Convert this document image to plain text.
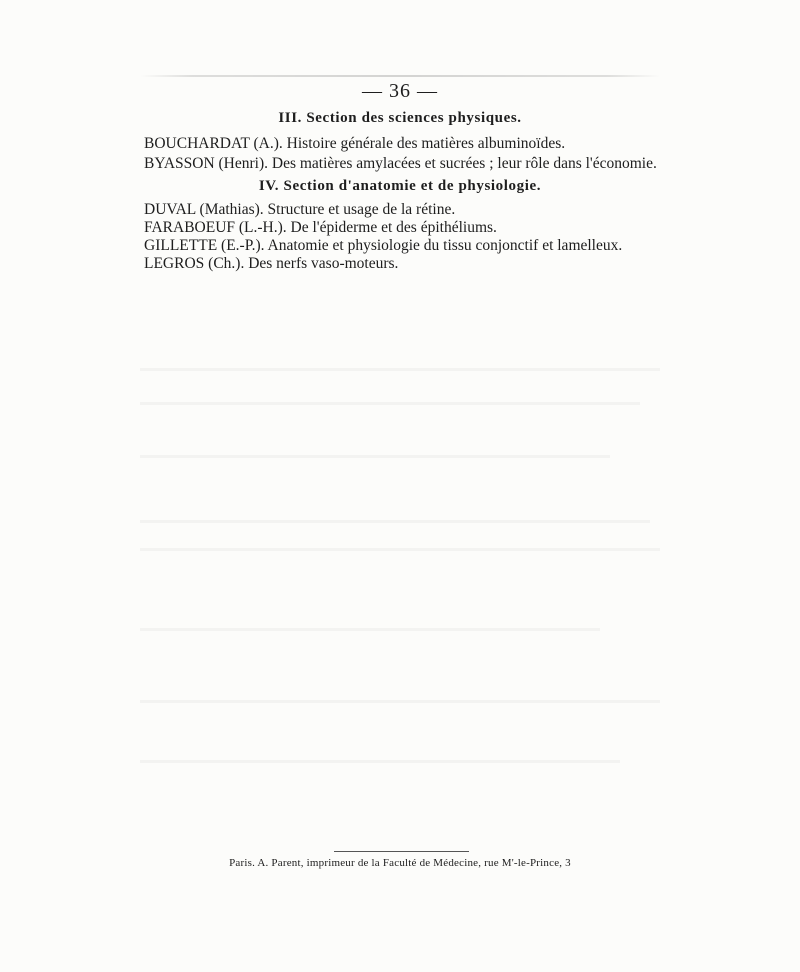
— 36 —
III. Section des sciences physiques.
BOUCHARDAT (A.). Histoire générale des matières albuminoïdes.
BYASSON (Henri). Des matières amylacées et sucrées ; leur rôle dans l'économie.
IV. Section d'anatomie et de physiologie.
DUVAL (Mathias). Structure et usage de la rétine.
FARABOEUF (L.-H.). De l'épiderme et des épithéliums.
GILLETTE (E.-P.). Anatomie et physiologie du tissu conjonctif et lamelleux.
LEGROS (Ch.). Des nerfs vaso-moteurs.
Paris. A. Parent, imprimeur de la Faculté de Médecine, rue M'-le-Prince, 3
